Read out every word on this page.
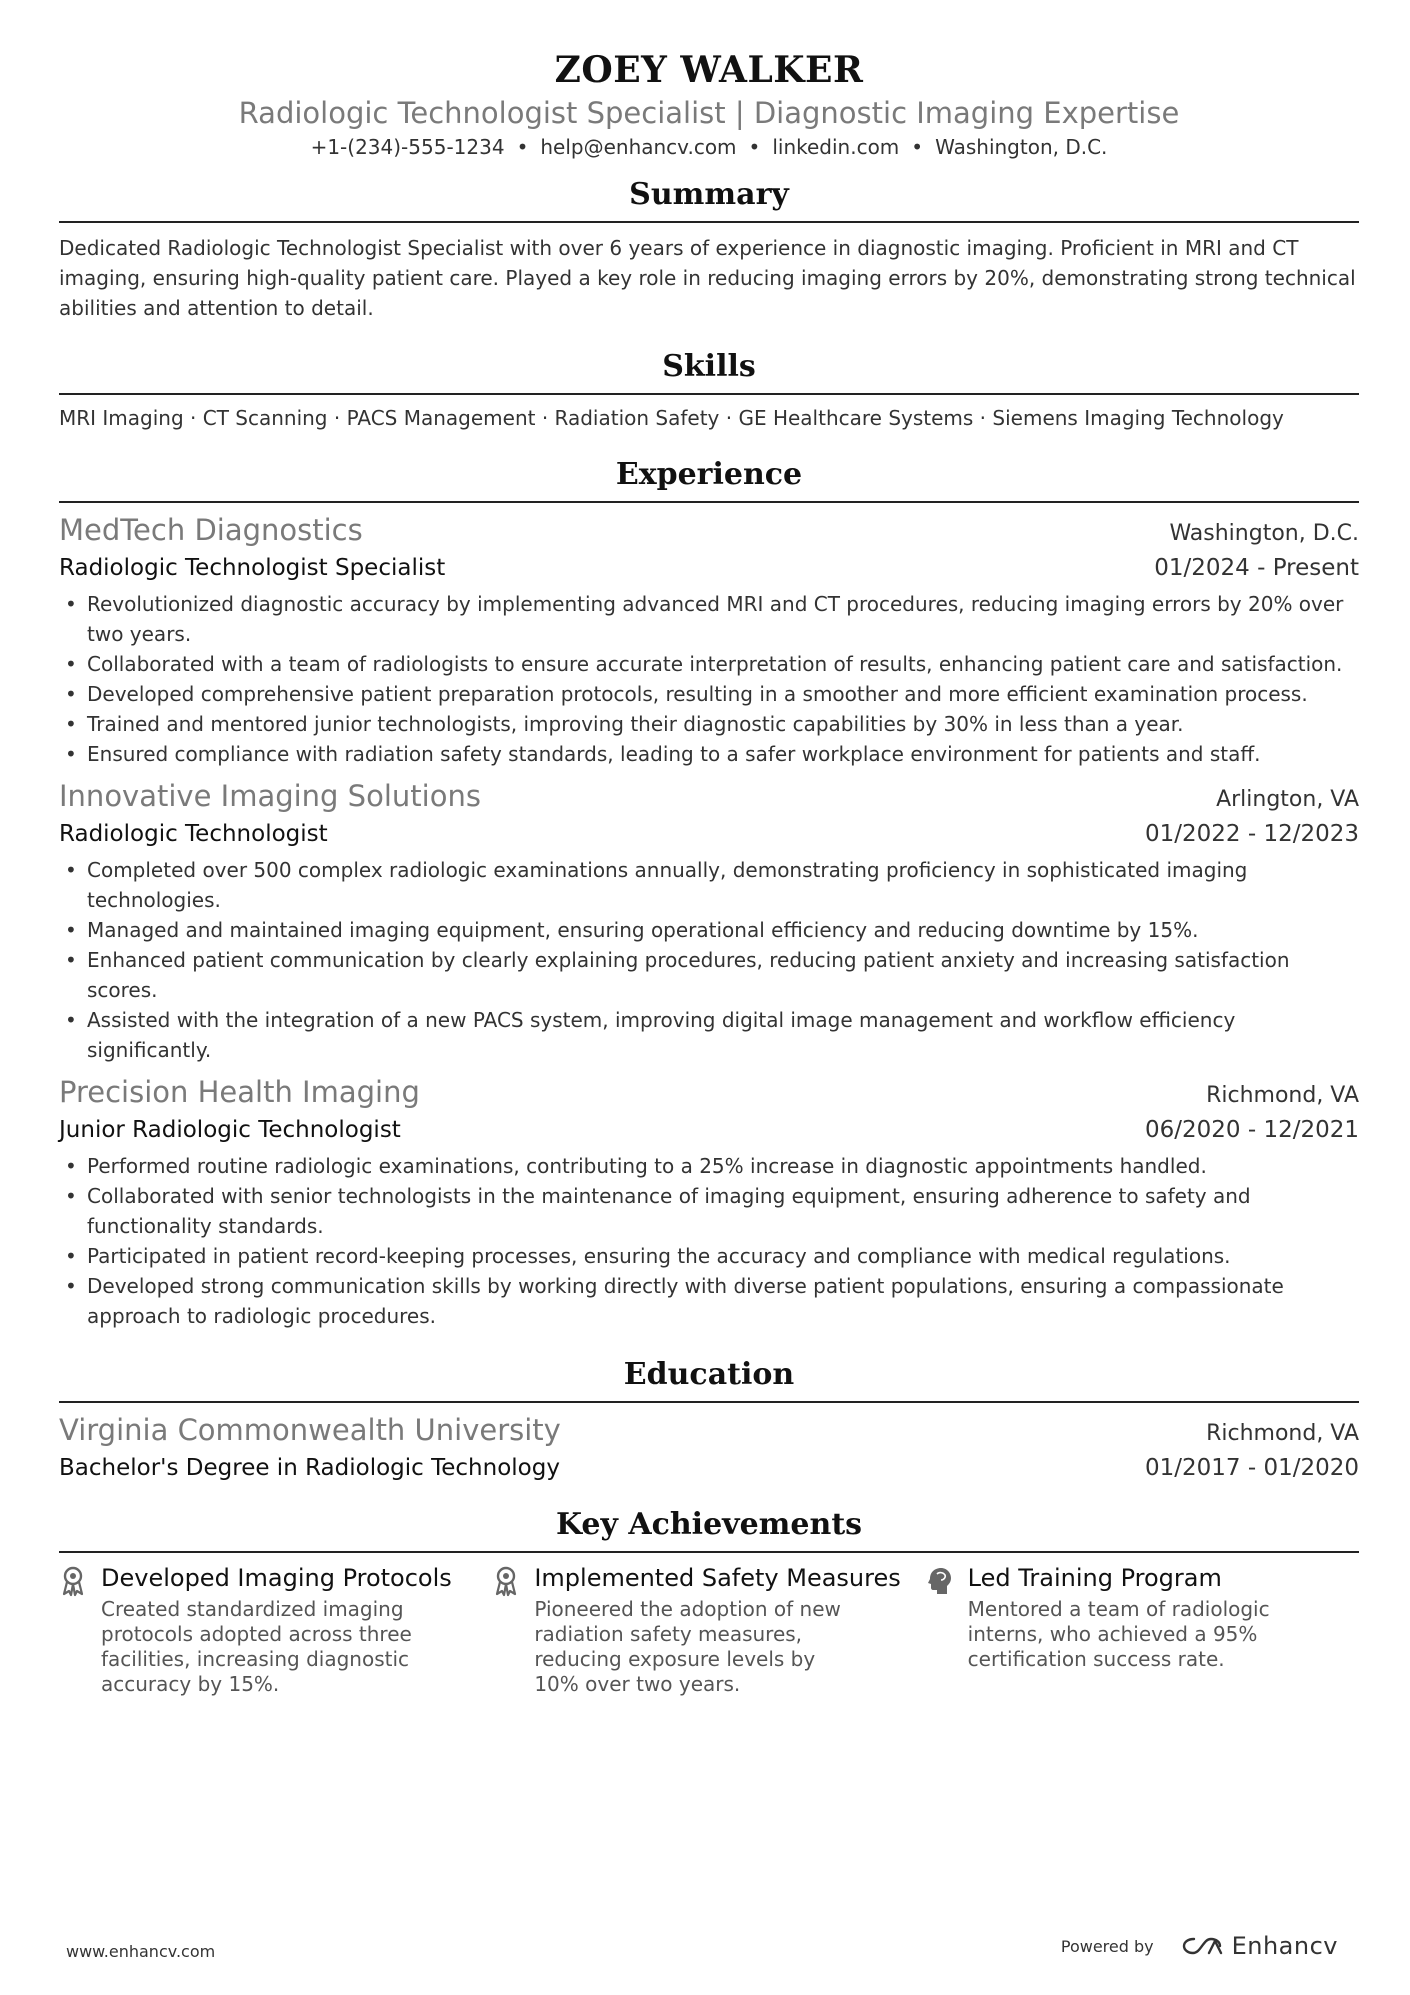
ZOEY WALKER
Radiologic Technologist Specialist | Diagnostic Imaging Expertise
+1-(234)-555-1234 • help@enhancv.com • linkedin.com • Washington, D.C.
Summary

Dedicated Radiologic Technologist Specialist with over 6 years of experience in diagnostic imaging. Proficient in MRI and CT imaging, ensuring high-quality patient care. Played a key role in reducing imaging errors by 20%, demonstrating strong technical abilities and attention to detail.

Skills

MRI Imaging · CT Scanning · PACS Management · Radiation Safety · GE Healthcare Systems · Siemens Imaging Technology

Experience
MedTech Diagnostics	Washington, D.C.
Radiologic Technologist Specialist	01/2024 - Present
• Revolutionized diagnostic accuracy by implementing advanced MRI and CT procedures, reducing imaging errors by 20% over two years.
• Collaborated with a team of radiologists to ensure accurate interpretation of results, enhancing patient care and satisfaction.
• Developed comprehensive patient preparation protocols, resulting in a smoother and more efficient examination process.
• Trained and mentored junior technologists, improving their diagnostic capabilities by 30% in less than a year.
• Ensured compliance with radiation safety standards, leading to a safer workplace environment for patients and staff.
Innovative Imaging Solutions	Arlington, VA
Radiologic Technologist	01/2022 - 12/2023
• Completed over 500 complex radiologic examinations annually, demonstrating proficiency in sophisticated imaging technologies.
• Managed and maintained imaging equipment, ensuring operational efficiency and reducing downtime by 15%.
• Enhanced patient communication by clearly explaining procedures, reducing patient anxiety and increasing satisfaction scores.
• Assisted with the integration of a new PACS system, improving digital image management and workflow efficiency significantly.
Precision Health Imaging	Richmond, VA
Junior Radiologic Technologist	06/2020 - 12/2021
• Performed routine radiologic examinations, contributing to a 25% increase in diagnostic appointments handled.
• Collaborated with senior technologists in the maintenance of imaging equipment, ensuring adherence to safety and functionality standards.
• Participated in patient record-keeping processes, ensuring the accuracy and compliance with medical regulations.
• Developed strong communication skills by working directly with diverse patient populations, ensuring a compassionate approach to radiologic procedures.
Education
Virginia Commonwealth University	Richmond, VA
Bachelor's Degree in Radiologic Technology	01/2017 - 01/2020
Key Achievements
Developed Imaging Protocols
Created standardized imaging protocols adopted across three facilities, increasing diagnostic accuracy by 15%.
Implemented Safety Measures
Pioneered the adoption of new radiation safety measures, reducing exposure levels by 10% over two years.
Led Training Program
Mentored a team of radiologic interns, who achieved a 95% certification success rate.
www.enhancv.com	Powered by	Enhancv
